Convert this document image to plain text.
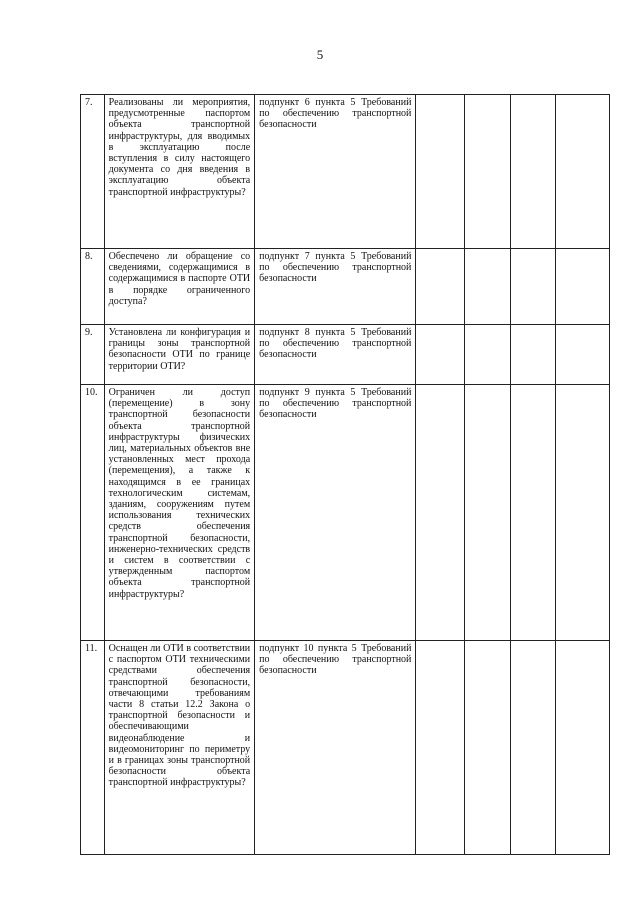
5
7.	Реализованы ли мероприятия, предусмотренные паспортом объекта транспортной инфраструктуры, для вводимых в эксплуатацию после вступления в силу настоящего документа со дня введения в эксплуатацию объекта транспортной инфраструктуры?	подпункт 6 пункта 5 Требований по обеспечению транспортной безопасности				
8.	Обеспечено ли обращение со сведениями, содержащимися в содержащимися в паспорте ОТИ в порядке ограниченного доступа?	подпункт 7 пункта 5 Требований по обеспечению транспортной безопасности				
9.	Установлена ли конфигурация и границы зоны транспортной безопасности ОТИ по границе территории ОТИ?	подпункт 8 пункта 5 Требований по обеспечению транспортной безопасности				
10.	Ограничен ли доступ (перемещение) в зону транспортной безопасности объекта транспортной инфраструктуры физических лиц, материальных объектов вне установленных мест прохода (перемещения), а также к находящимся в ее границах технологическим системам, зданиям, сооружениям путем использования технических средств обеспечения транспортной безопасности, инженерно-технических средств и систем в соответствии с утвержденным паспортом объекта транспортной инфраструктуры?	подпункт 9 пункта 5 Требований по обеспечению транспортной безопасности				
11.	Оснащен ли ОТИ в соответствии с паспортом ОТИ техническими средствами обеспечения транспортной безопасности, отвечающими требованиям части 8 статьи 12.2 Закона о транспортной безопасности и обеспечивающими видеонаблюдение и видеомониторинг по периметру и в границах зоны транспортной безопасности объекта транспортной инфраструктуры?	подпункт 10 пункта 5 Требований по обеспечению транспортной безопасности				
